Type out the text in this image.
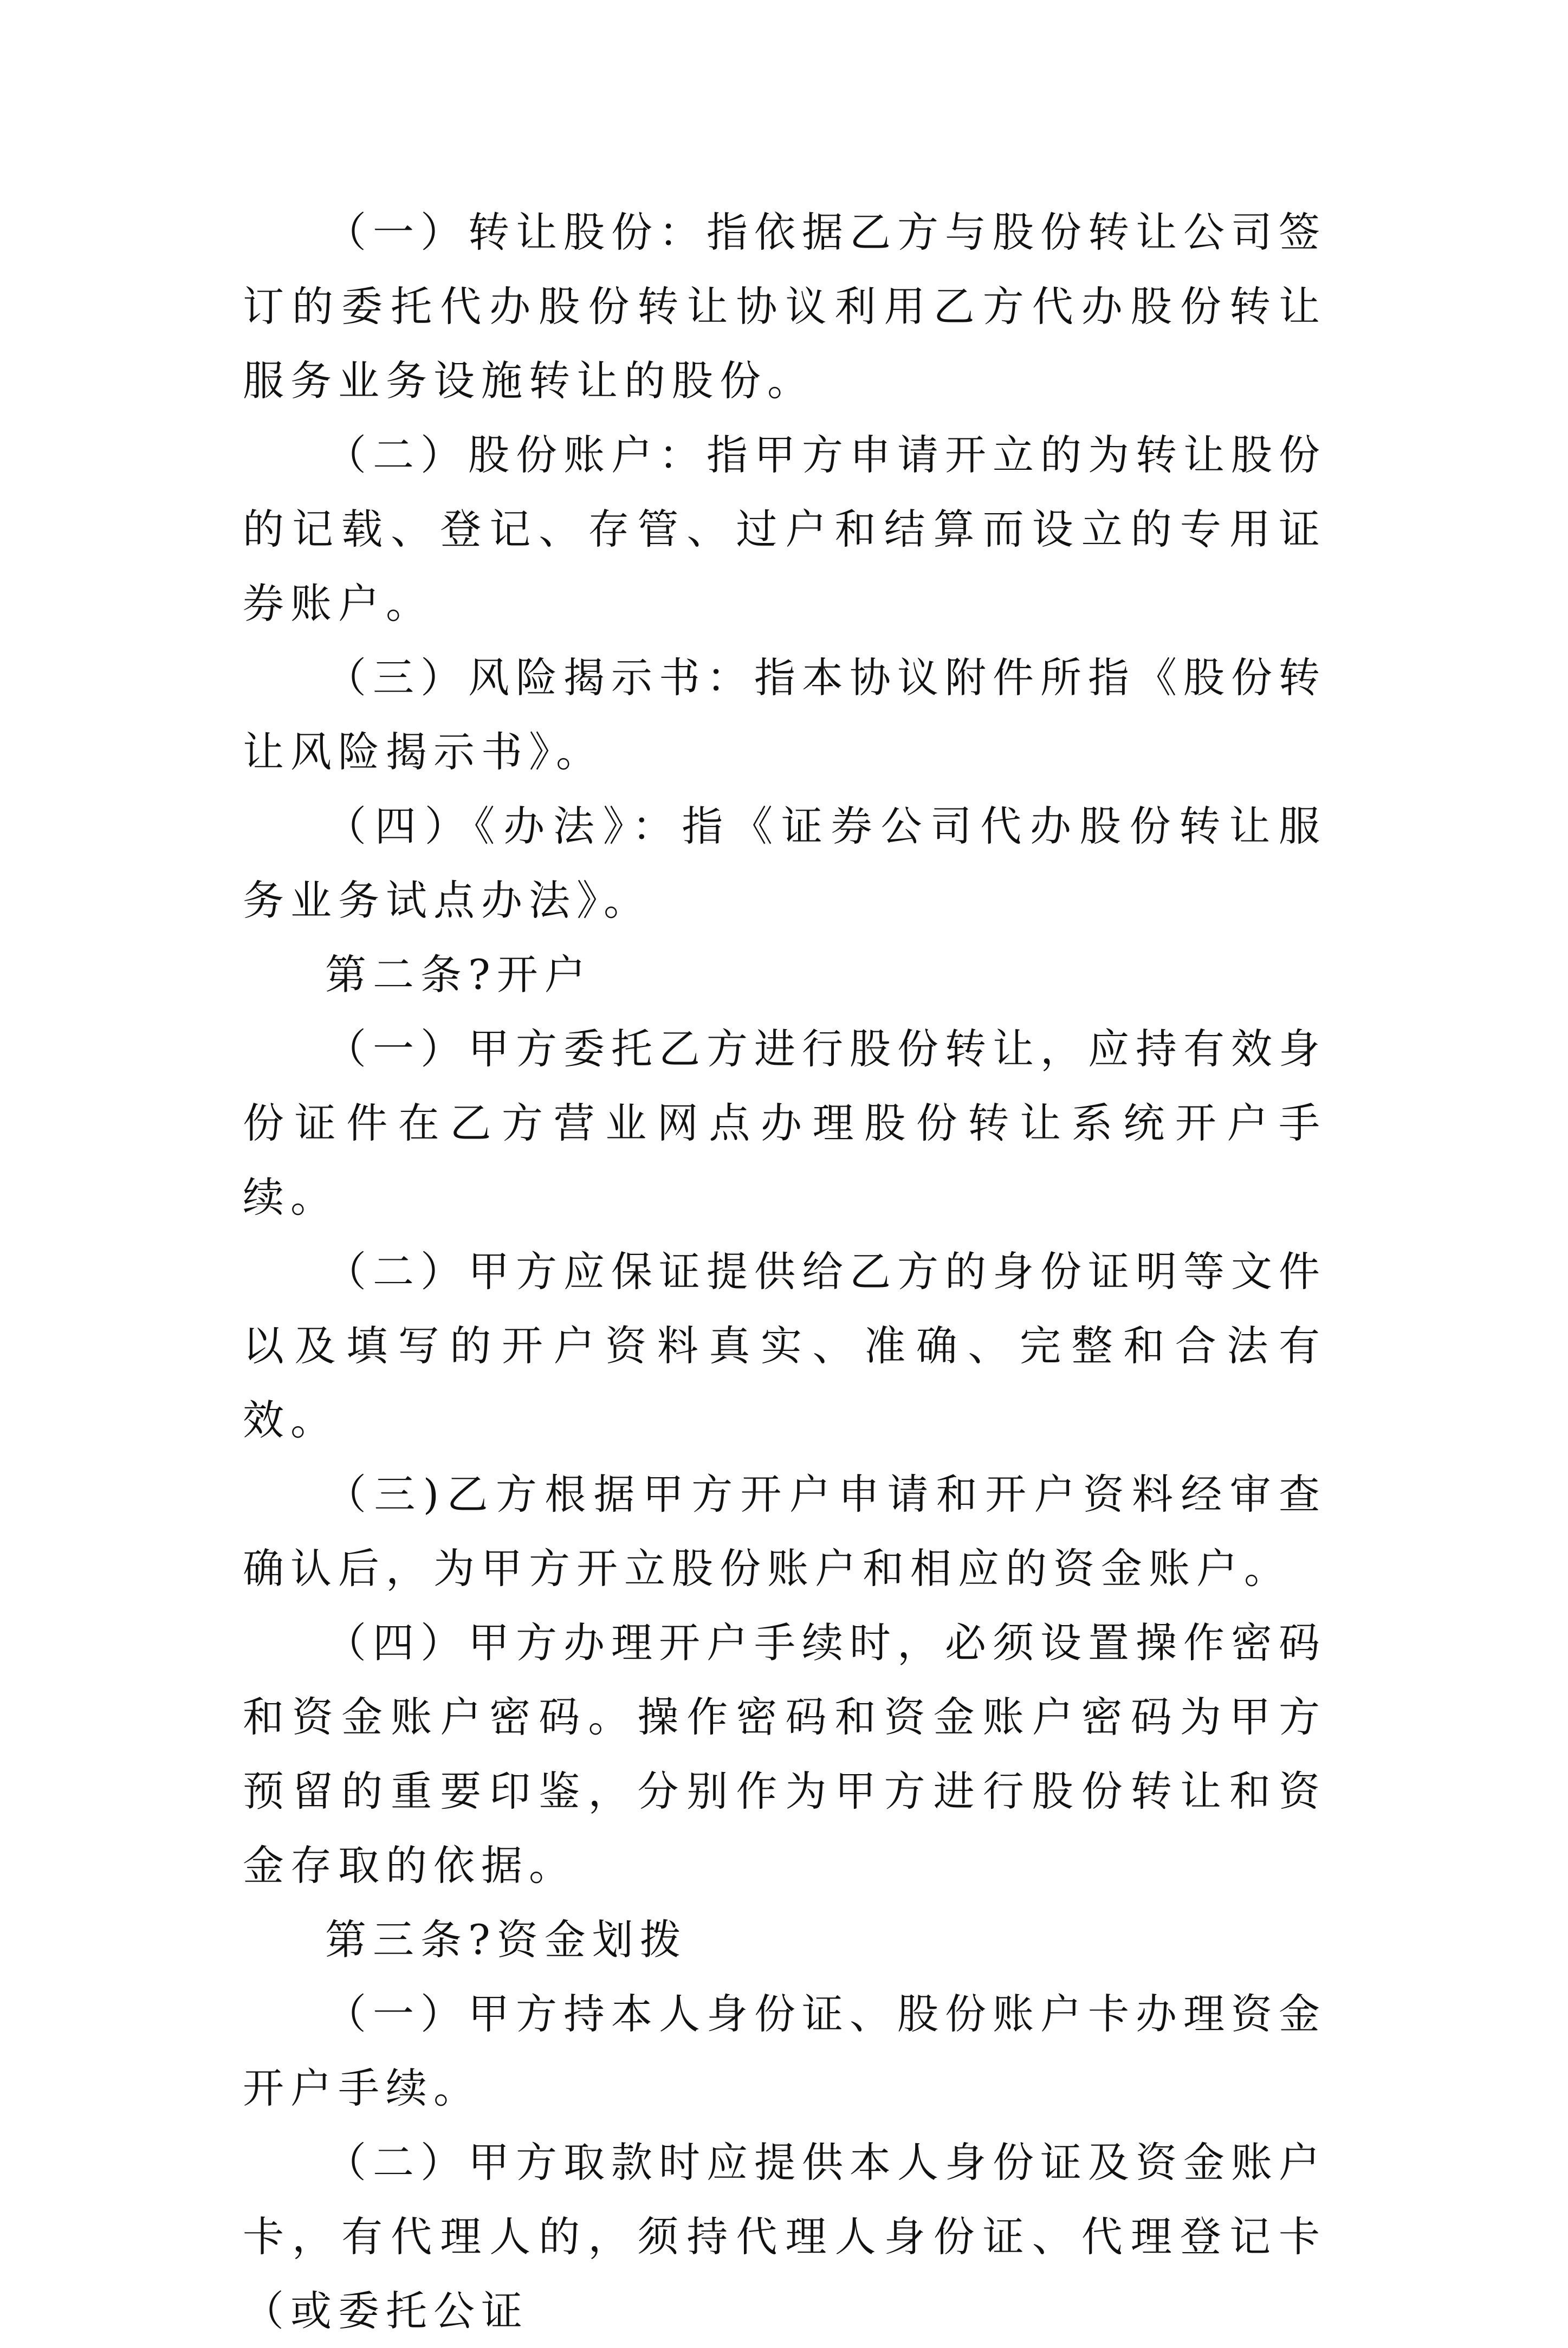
（一）转让股份：指依据乙方与股份转让公司签订的委托代办股份转让协议利用乙方代办股份转让服务业务设施转让的股份。

（二）股份账户：指甲方申请开立的为转让股份的记载、登记、存管、过户和结算而设立的专用证券账户。

（三）风险揭示书：指本协议附件所指《股份转让风险揭示书》。

（四）《办法》：指《证券公司代办股份转让服务业务试点办法》。

第二条?开户

（一）甲方委托乙方进行股份转让，应持有效身份证件在乙方营业网点办理股份转让系统开户手续。

（二）甲方应保证提供给乙方的身份证明等文件以及填写的开户资料真实、准确、完整和合法有效。

（三)乙方根据甲方开户申请和开户资料经审查确认后，为甲方开立股份账户和相应的资金账户。

（四）甲方办理开户手续时，必须设置操作密码和资金账户密码。操作密码和资金账户密码为甲方预留的重要印鉴，分别作为甲方进行股份转让和资金存取的依据。

第三条?资金划拨

（一）甲方持本人身份证、股份账户卡办理资金开户手续。

（二）甲方取款时应提供本人身份证及资金账户卡，有代理人的，须持代理人身份证、代理登记卡（或委托公证
